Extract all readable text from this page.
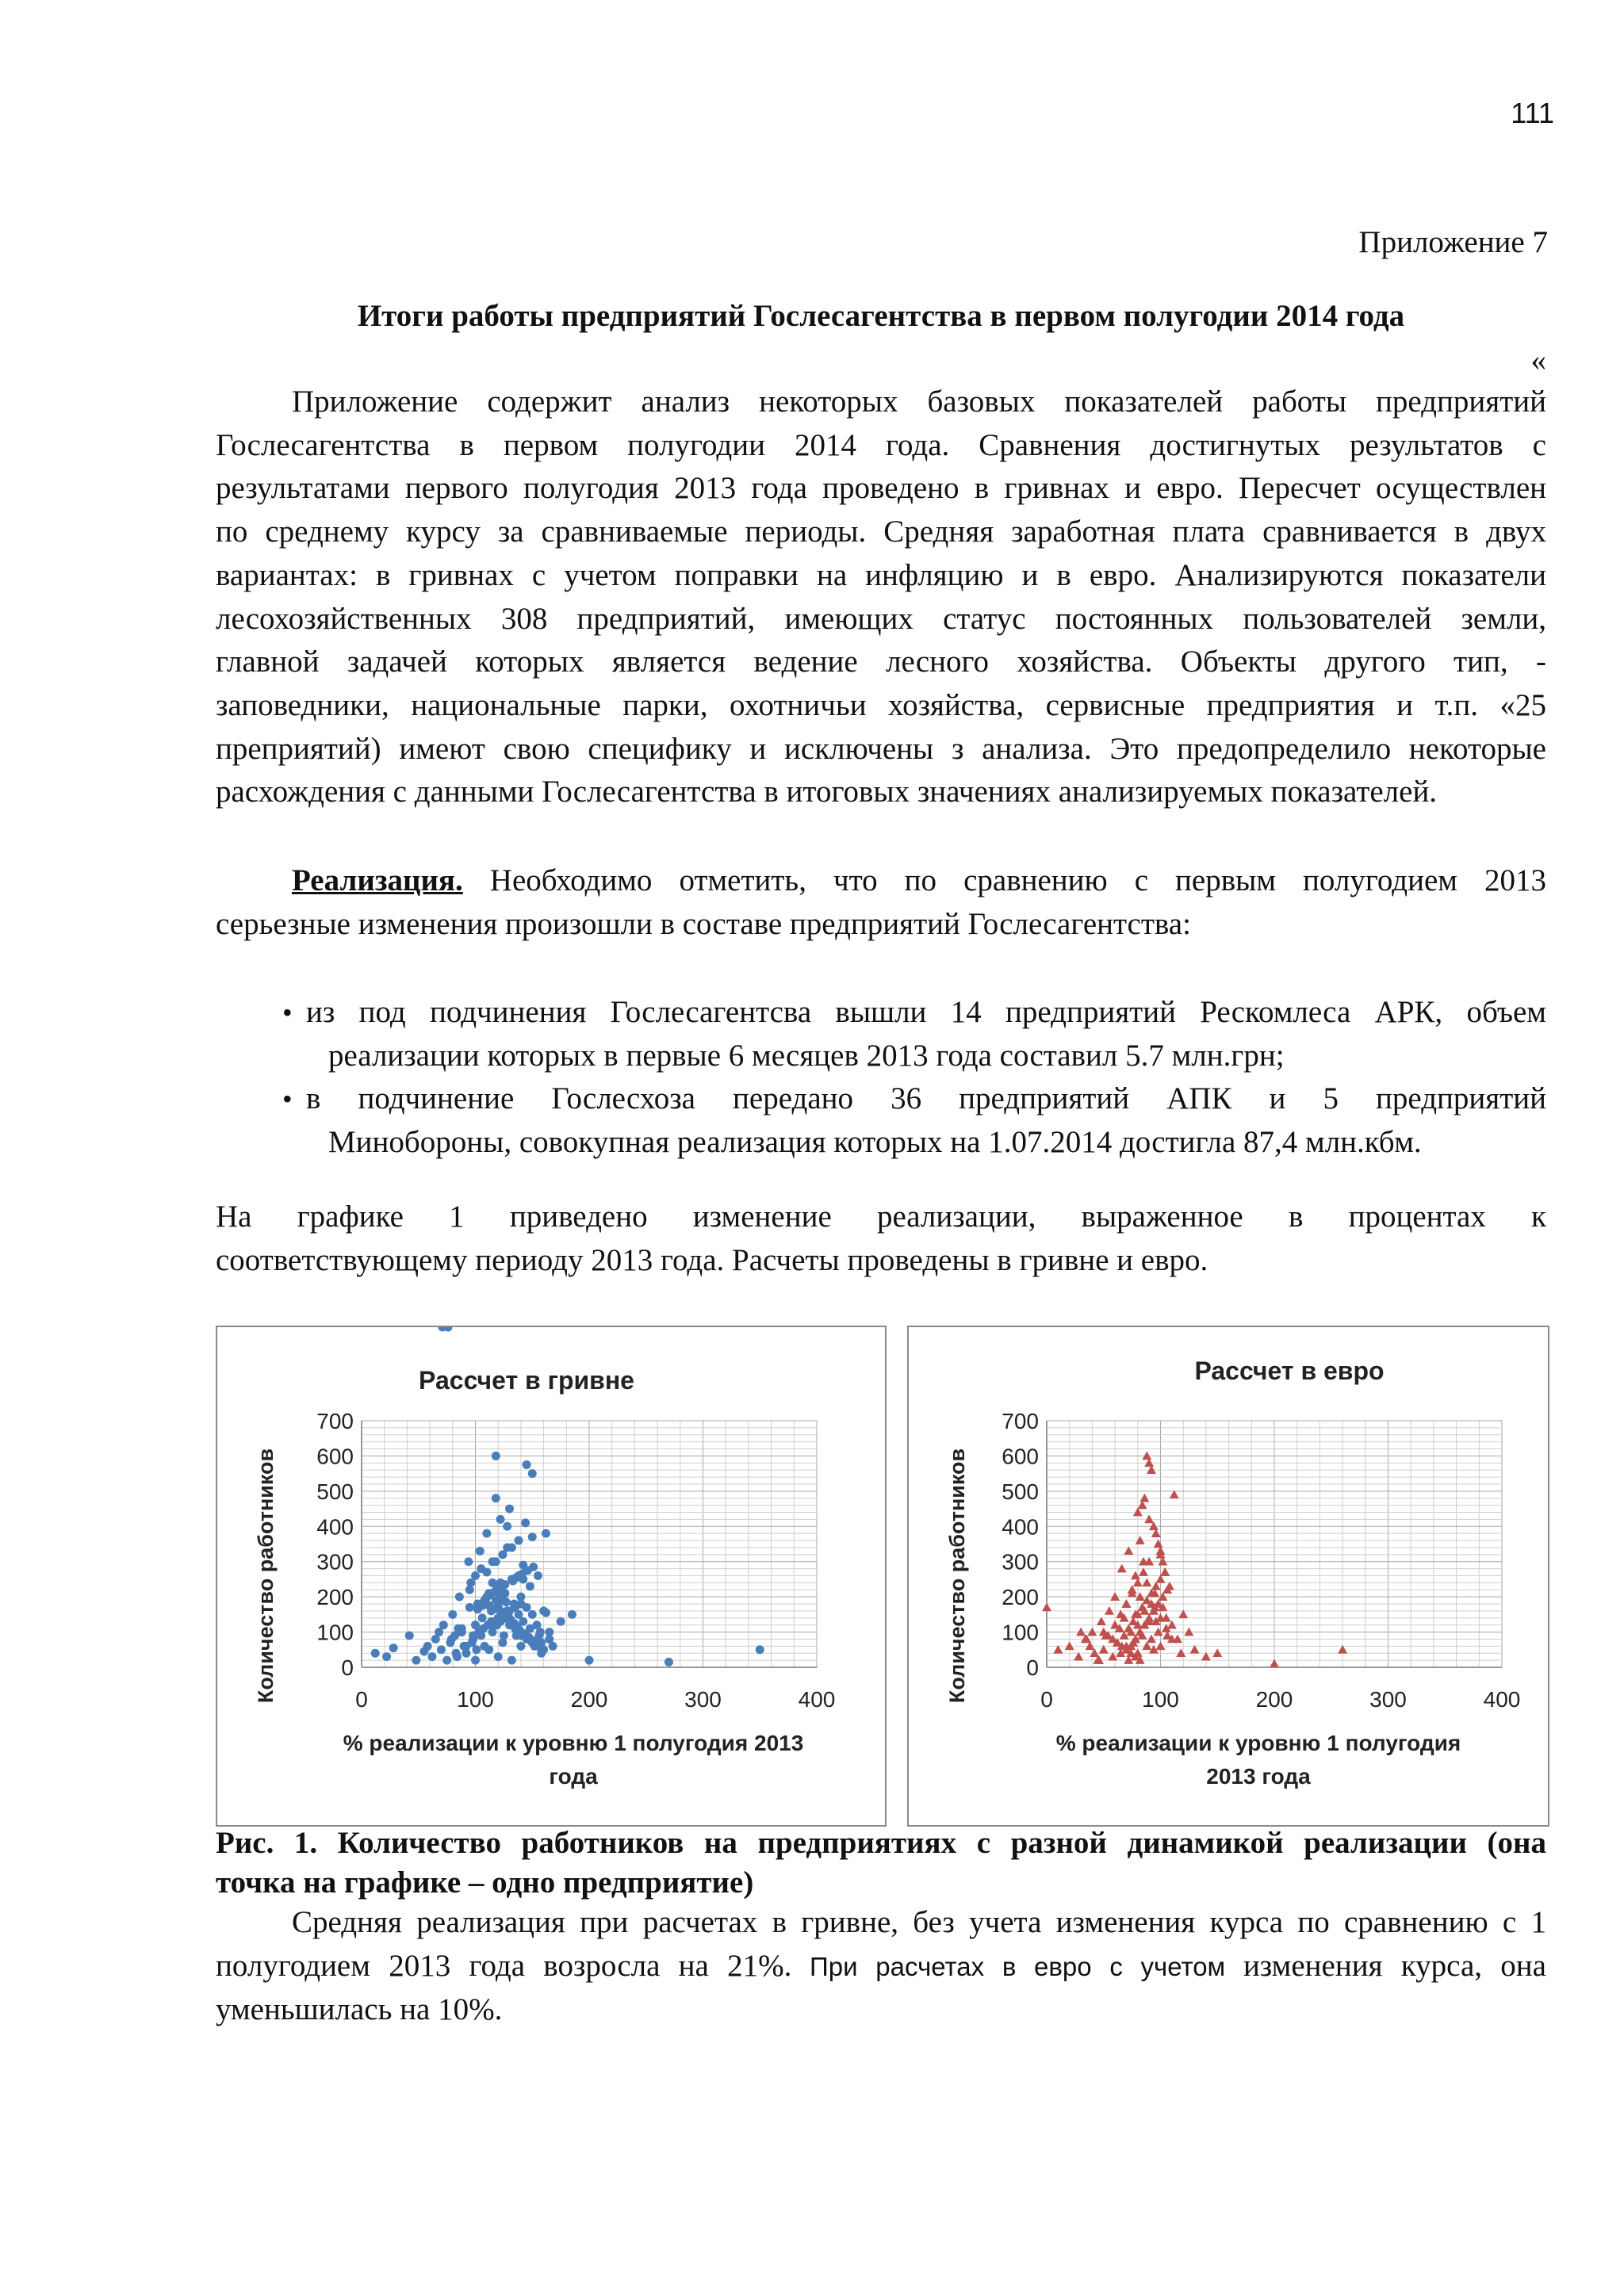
111
Приложение 7
Итоги работы предприятий Гослесагентства в первом полугодии 2014 года
«
Приложение содержит анализ некоторых базовых показателей работы предприятий
Гослесагентства в первом полугодии 2014 года. Сравнения достигнутых результатов с
результатами первого полугодия 2013 года проведено в гривнах и евро. Пересчет осуществлен
по среднему курсу за сравниваемые периоды. Средняя заработная плата сравнивается в двух
вариантах: в гривнах с учетом поправки на инфляцию и в евро. Анализируются показатели
лесохозяйственных 308 предприятий, имеющих статус постоянных пользователей земли,
главной задачей которых является ведение лесного хозяйства. Объекты другого тип, -
заповедники, национальные парки, охотничьи хозяйства, сервисные предприятия и т.п. «25
преприятий) имеют свою специфику и исключены з анализа. Это предопределило некоторые
расхождения с данными Гослесагентства в итоговых значениях анализируемых показателей.
Реализация. Необходимо отметить, что по сравнению с первым полугодием 2013
серьезные изменения произошли в составе предприятий Гослесагентства:
• из под подчинения Гослесагентсва вышли 14 предприятий Рескомлеса АРК, объем
реализации которых в первые 6 месяцев 2013 года составил 5.7 млн.грн;
• в подчинение Гослесхоза передано 36 предприятий АПК и 5 предприятий
Минобороны, совокупная реализация которых на 1.07.2014 достигла 87,4 млн.кбм.
На графике 1 приведено изменение реализации, выраженное в процентах к
соответствующему периоду 2013 года. Расчеты проведены в гривне и евро.
Рассчет в гривне
0
100
200
300
400
500
600
700
0	100	200	300	400
Количество работников
% реализации к уровню 1 полугодия 2013
года
Рассчет в евро
0
100
200
300
400
500
600
700
0	100	200	300	400
Количество работников
% реализации к уровню 1 полугодия
2013 года
Рис. 1. Количество работников на предприятиях с разной динамикой реализации (она
точка на графике – одно предприятие)
Средняя реализация при расчетах в гривне, без учета изменения курса по сравнению с 1
полугодием 2013 года возросла на 21%. При расчетах в евро с учетом изменения курса, она
уменьшилась на 10%.
